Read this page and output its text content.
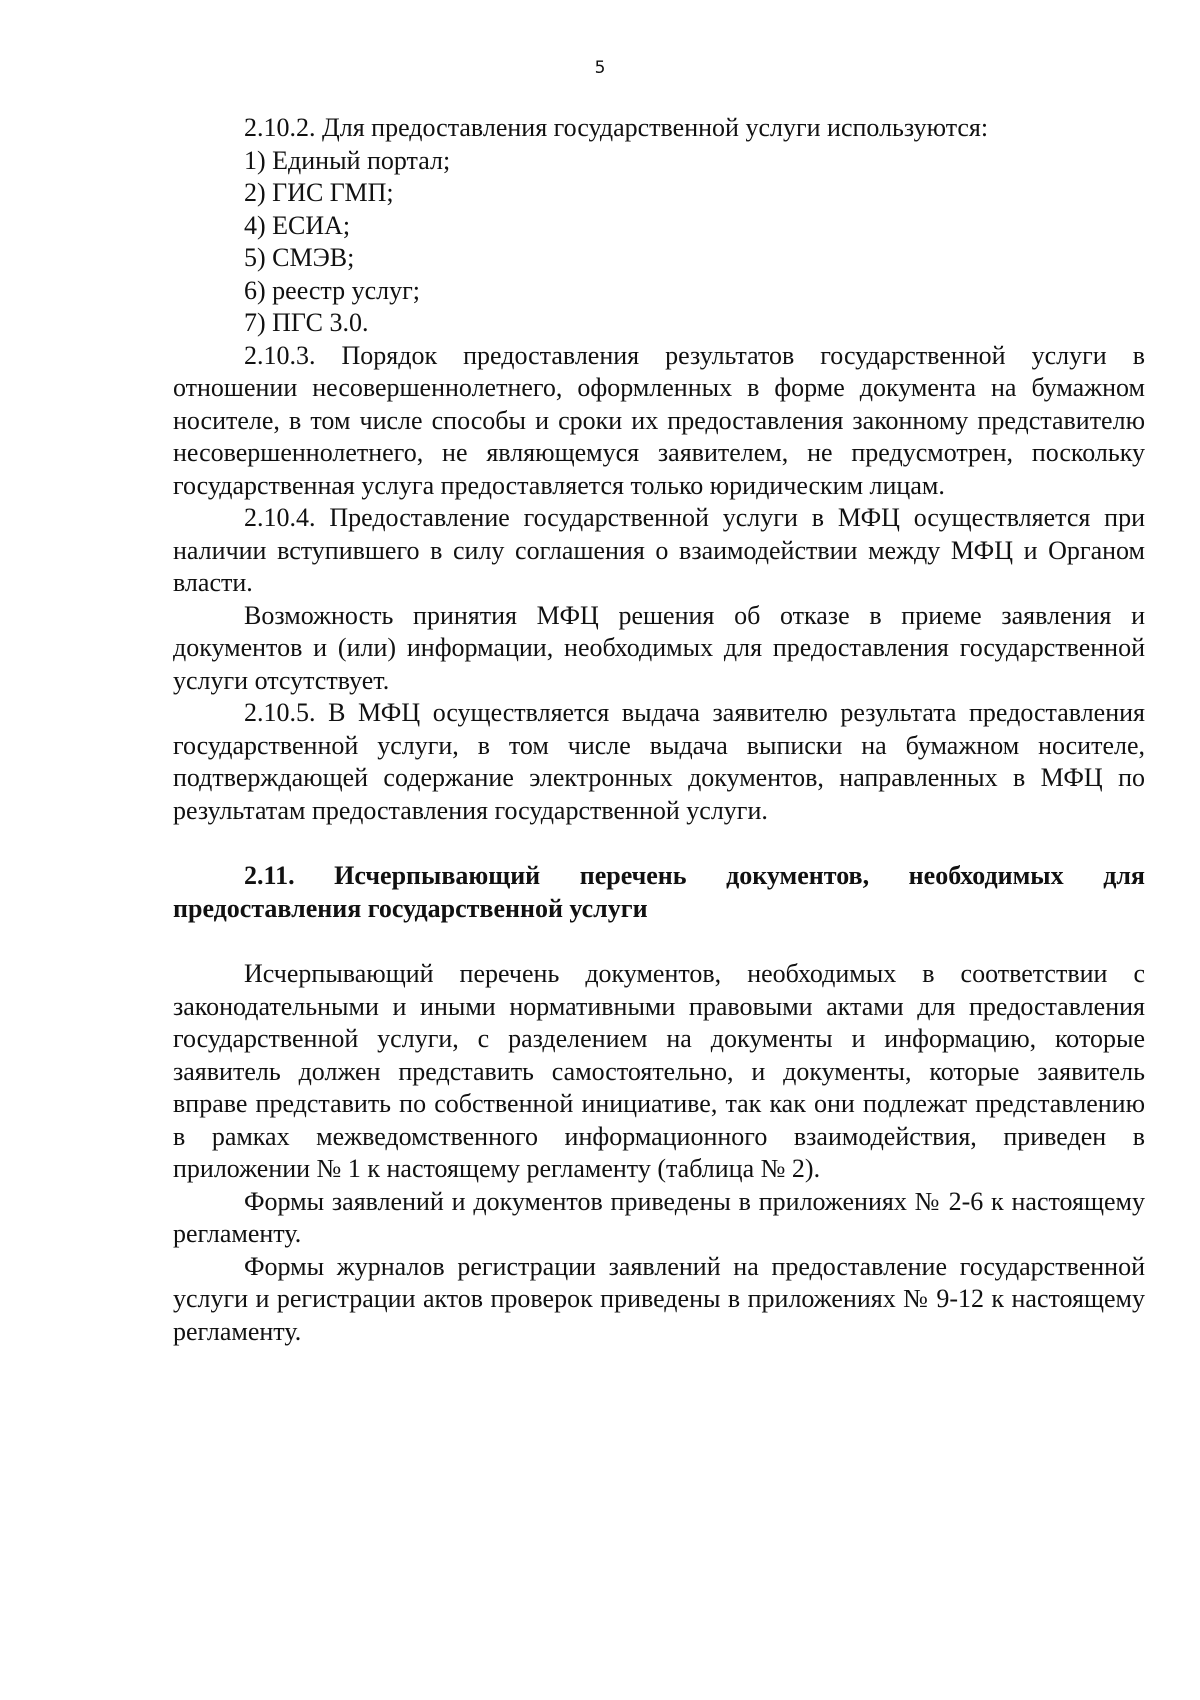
5

2.10.2. Для предоставления государственной услуги используются:

1) Единый портал;

2) ГИС ГМП;

4) ЕСИА;

5) СМЭВ;

6) реестр услуг;

7) ПГС 3.0.

2.10.3. Порядок предоставления результатов государственной услуги в отношении несовершеннолетнего, оформленных в форме документа на бумажном носителе, в том числе способы и сроки их предоставления законному представителю несовершеннолетнего, не являющемуся заявителем, не предусмотрен, поскольку государственная услуга предоставляется только юридическим лицам.

2.10.4. Предоставление государственной услуги в МФЦ осуществляется при наличии вступившего в силу соглашения о взаимодействии между МФЦ и Органом власти.

Возможность принятия МФЦ решения об отказе в приеме заявления и документов и (или) информации, необходимых для предоставления государственной услуги отсутствует.

2.10.5. В МФЦ осуществляется выдача заявителю результата предоставления государственной услуги, в том числе выдача выписки на бумажном носителе, подтверждающей содержание электронных документов, направленных в МФЦ по результатам предоставления государственной услуги.

2.11. Исчерпывающий перечень документов, необходимых для предоставления государственной услуги

Исчерпывающий перечень документов, необходимых в соответствии с законодательными и иными нормативными правовыми актами для предоставления государственной услуги, с разделением на документы и информацию, которые заявитель должен представить самостоятельно, и документы, которые заявитель вправе представить по собственной инициативе, так как они подлежат представлению в рамках межведомственного информационного взаимодействия, приведен в приложении № 1 к настоящему регламенту (таблица № 2).

Формы заявлений и документов приведены в приложениях № 2-6 к настоящему регламенту.

Формы журналов регистрации заявлений на предоставление государственной услуги и регистрации актов проверок приведены в приложениях № 9-12 к настоящему регламенту.
